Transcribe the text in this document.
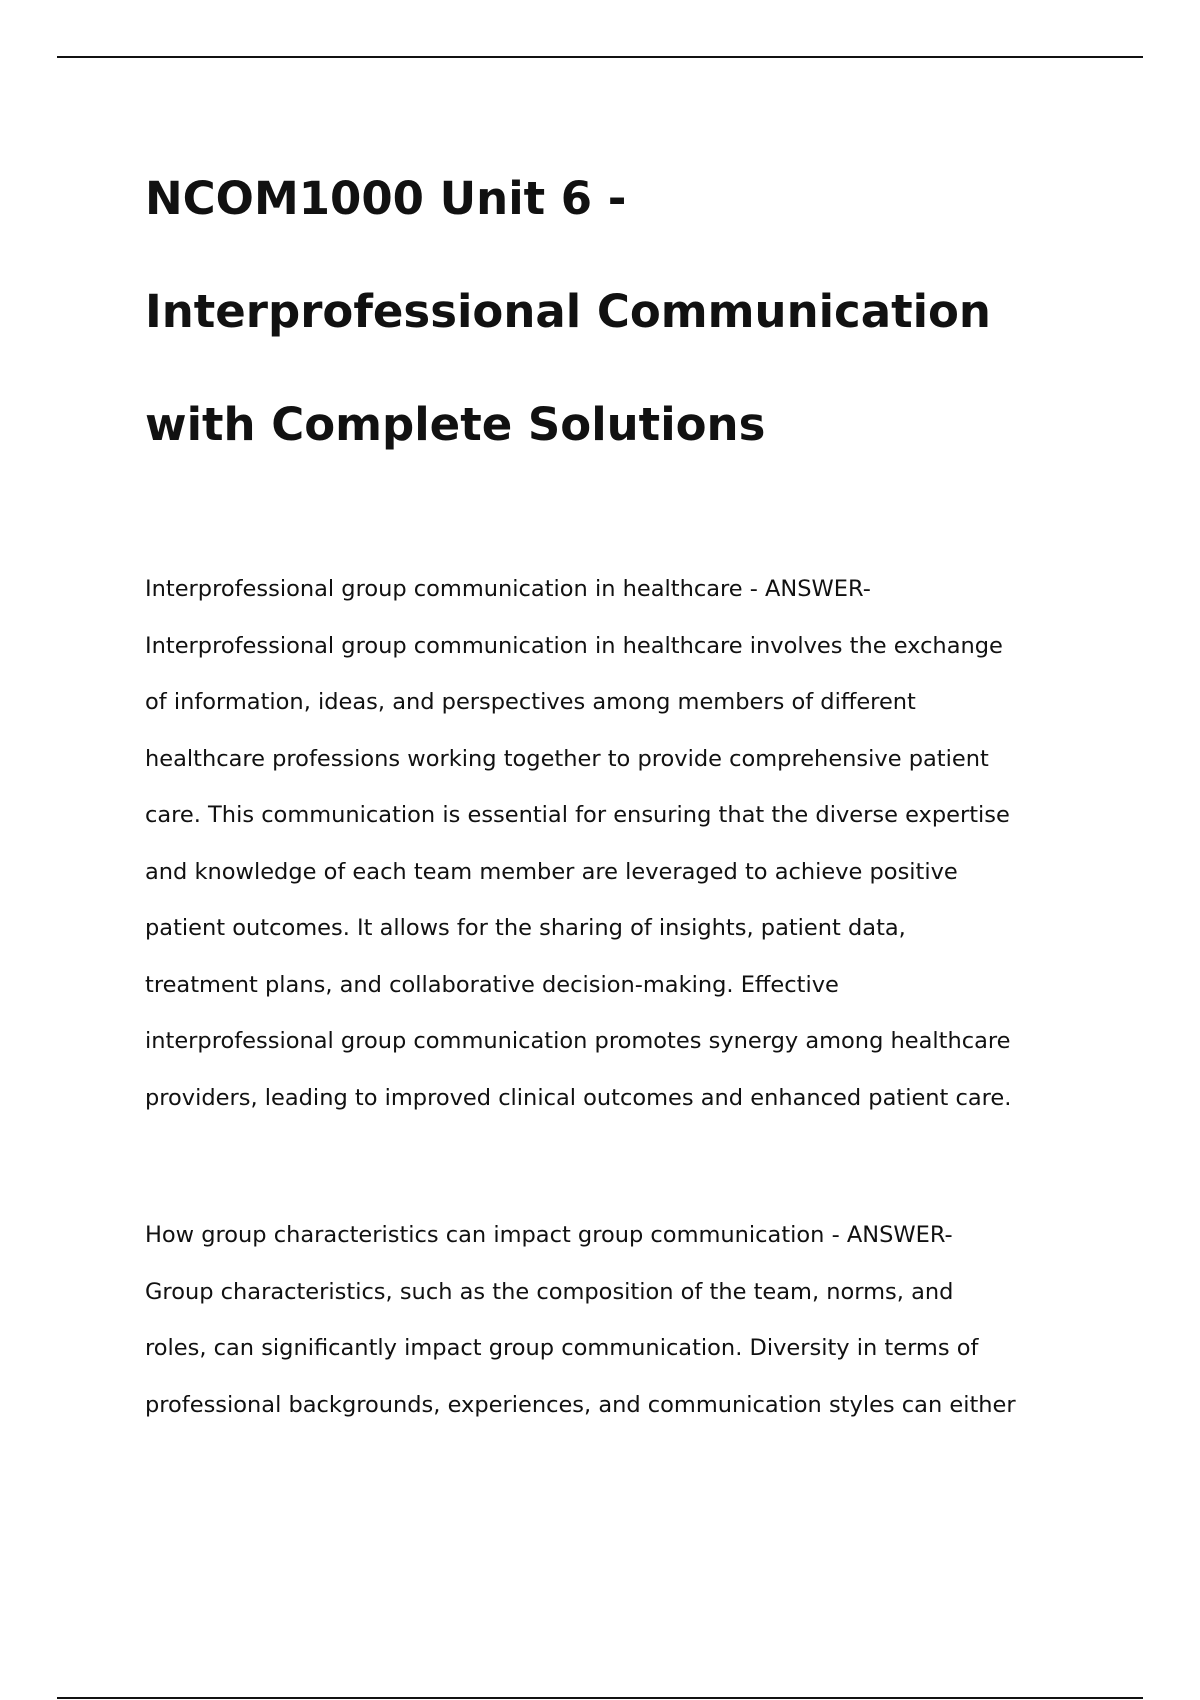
NCOM1000 Unit 6 -
Interprofessional Communication
with Complete Solutions

Interprofessional group communication in healthcare - ANSWER-
Interprofessional group communication in healthcare involves the exchange
of information, ideas, and perspectives among members of different
healthcare professions working together to provide comprehensive patient
care. This communication is essential for ensuring that the diverse expertise
and knowledge of each team member are leveraged to achieve positive
patient outcomes. It allows for the sharing of insights, patient data,
treatment plans, and collaborative decision-making. Effective
interprofessional group communication promotes synergy among healthcare
providers, leading to improved clinical outcomes and enhanced patient care.

How group characteristics can impact group communication - ANSWER-
Group characteristics, such as the composition of the team, norms, and
roles, can significantly impact group communication. Diversity in terms of
professional backgrounds, experiences, and communication styles can either
